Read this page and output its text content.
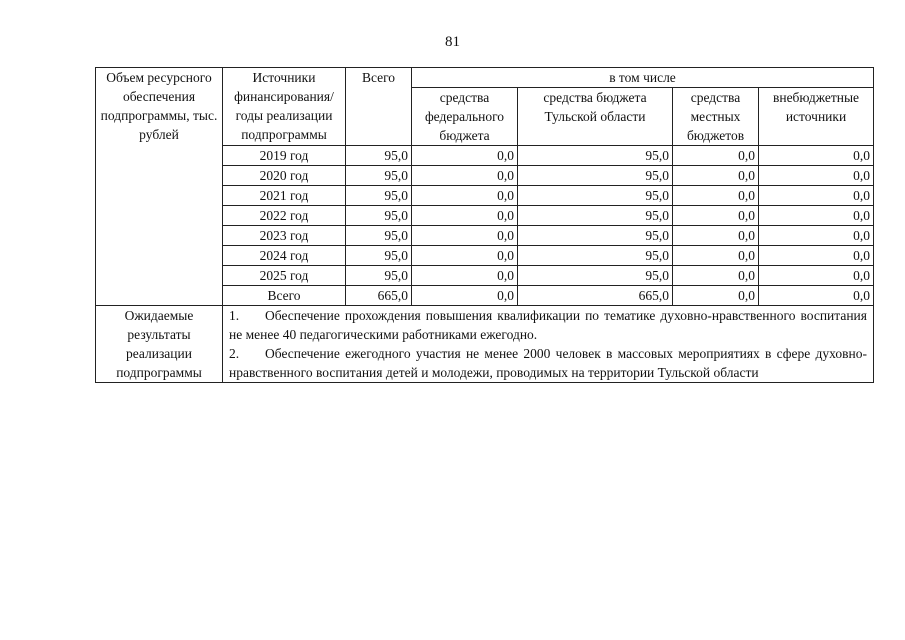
81
Объем ресурсного обеспечения подпрограммы, тыс. рублей	Источники финансирования/ годы реализации подпрограммы	Всего	в том числе			
			средства федерального бюджета	средства бюджета Тульской области	средства местных бюджетов	внебюджетные источники
	2019 год	95,0	0,0	95,0	0,0	0,0
	2020 год	95,0	0,0	95,0	0,0	0,0
	2021 год	95,0	0,0	95,0	0,0	0,0
	2022 год	95,0	0,0	95,0	0,0	0,0
	2023 год	95,0	0,0	95,0	0,0	0,0
	2024 год	95,0	0,0	95,0	0,0	0,0
	2025 год	95,0	0,0	95,0	0,0	0,0
	Всего	665,0	0,0	665,0	0,0	0,0
Ожидаемые результаты реализации подпрограммы	1. Обеспечение прохождения повышения квалификации по тематике духовно-нравственного воспитания не менее 40 педагогическими работниками ежегодно.
2. Обеспечение ежегодного участия не менее 2000 человек в массовых мероприятиях в сфере духовно-нравственного воспитания детей и молодежи, проводимых на территории Тульской области					
